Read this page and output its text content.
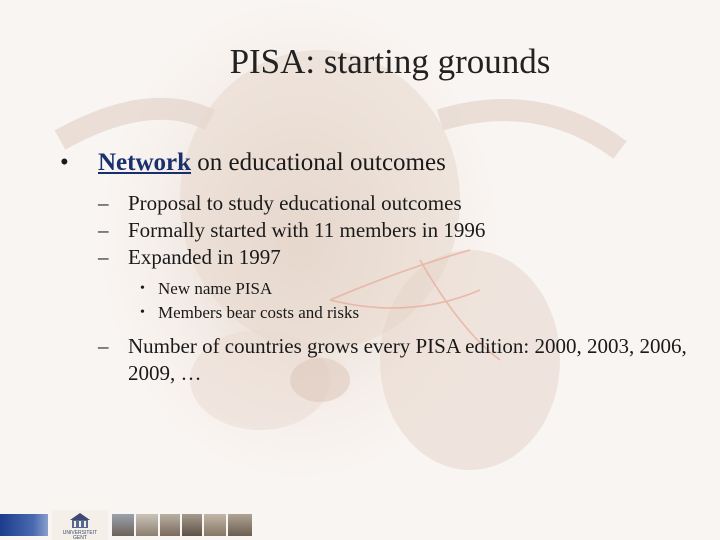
PISA: starting grounds
• Network on educational outcomes
– Proposal to study educational outcomes
– Formally started with 11 members in 1996
– Expanded in 1997
• New name PISA
• Members bear costs and risks
– Number of countries grows every PISA edition: 2000, 2003, 2006, 2009, …
UNIVERSITEIT
GENT
